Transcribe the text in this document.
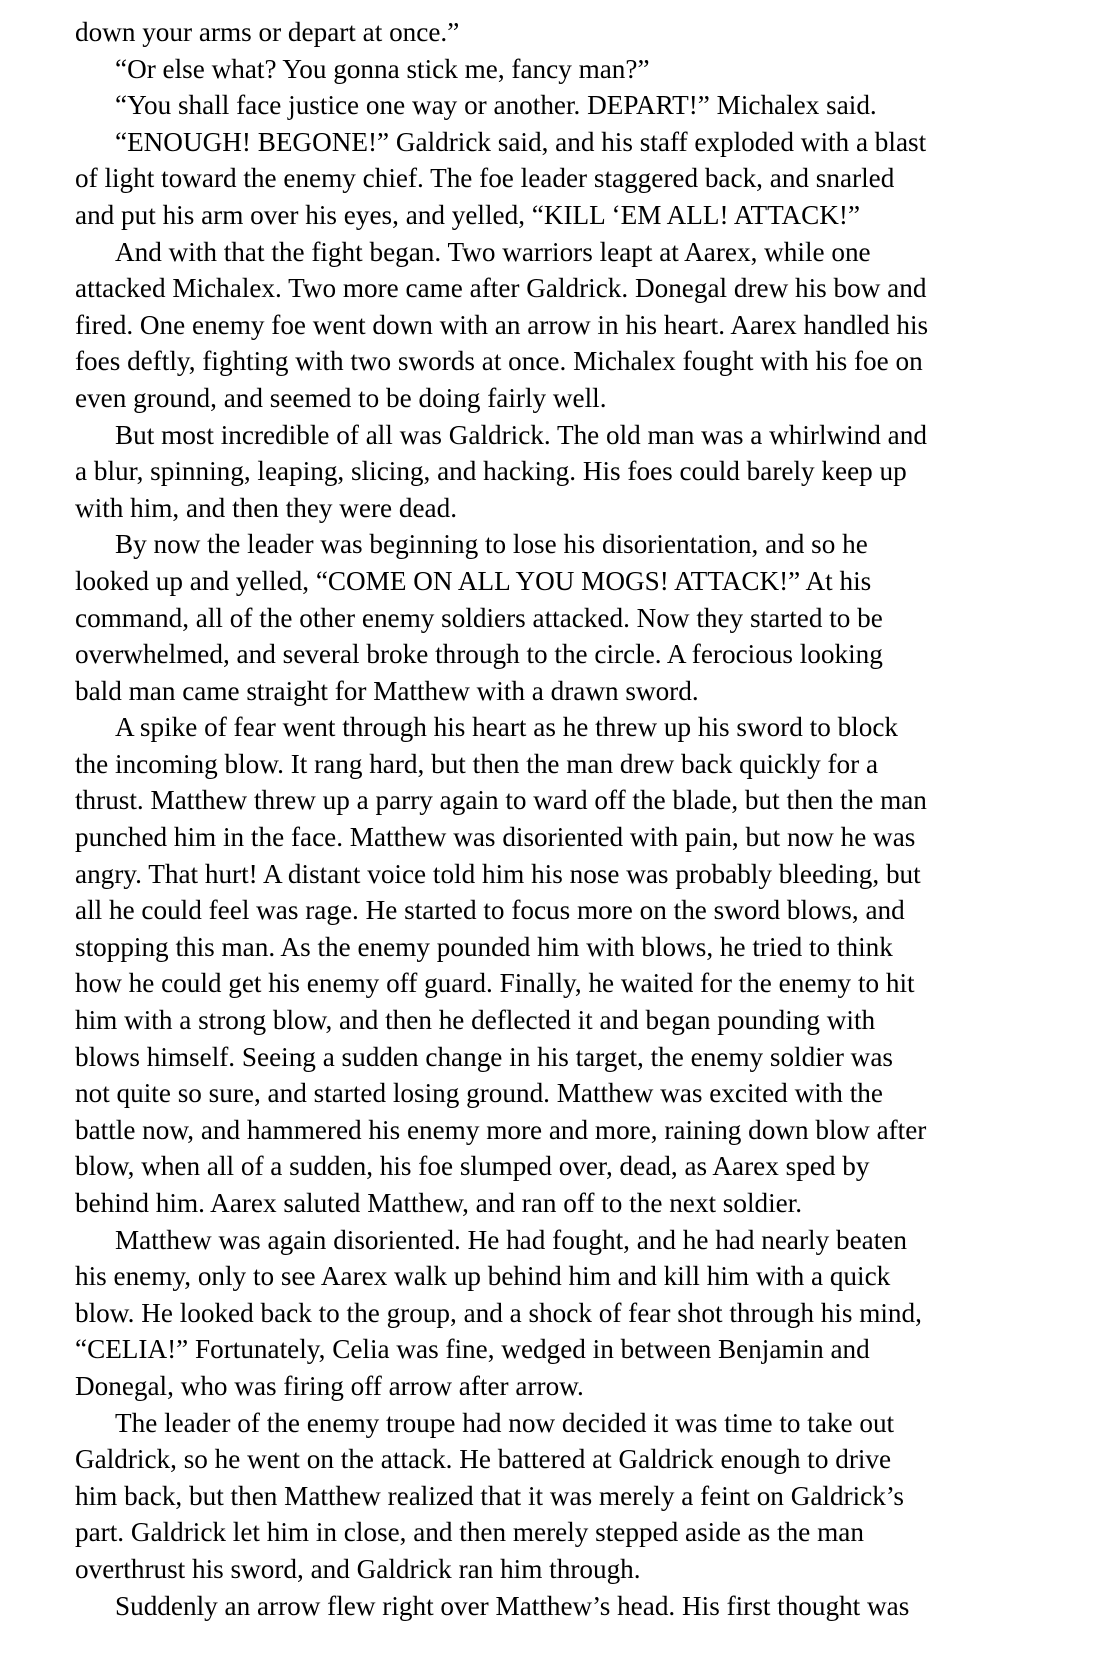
down your arms or depart at once.”
“Or else what? You gonna stick me, fancy man?”
“You shall face justice one way or another. DEPART!” Michalex said.
“ENOUGH! BEGONE!” Galdrick said, and his staff exploded with a blast
of light toward the enemy chief. The foe leader staggered back, and snarled
and put his arm over his eyes, and yelled, “KILL ‘EM ALL! ATTACK!”
And with that the fight began. Two warriors leapt at Aarex, while one
attacked Michalex. Two more came after Galdrick. Donegal drew his bow and
fired. One enemy foe went down with an arrow in his heart. Aarex handled his
foes deftly, fighting with two swords at once. Michalex fought with his foe on
even ground, and seemed to be doing fairly well.
But most incredible of all was Galdrick. The old man was a whirlwind and
a blur, spinning, leaping, slicing, and hacking. His foes could barely keep up
with him, and then they were dead.
By now the leader was beginning to lose his disorientation, and so he
looked up and yelled, “COME ON ALL YOU MOGS! ATTACK!” At his
command, all of the other enemy soldiers attacked. Now they started to be
overwhelmed, and several broke through to the circle. A ferocious looking
bald man came straight for Matthew with a drawn sword.
A spike of fear went through his heart as he threw up his sword to block
the incoming blow. It rang hard, but then the man drew back quickly for a
thrust. Matthew threw up a parry again to ward off the blade, but then the man
punched him in the face. Matthew was disoriented with pain, but now he was
angry. That hurt! A distant voice told him his nose was probably bleeding, but
all he could feel was rage. He started to focus more on the sword blows, and
stopping this man. As the enemy pounded him with blows, he tried to think
how he could get his enemy off guard. Finally, he waited for the enemy to hit
him with a strong blow, and then he deflected it and began pounding with
blows himself. Seeing a sudden change in his target, the enemy soldier was
not quite so sure, and started losing ground. Matthew was excited with the
battle now, and hammered his enemy more and more, raining down blow after
blow, when all of a sudden, his foe slumped over, dead, as Aarex sped by
behind him. Aarex saluted Matthew, and ran off to the next soldier.
Matthew was again disoriented. He had fought, and he had nearly beaten
his enemy, only to see Aarex walk up behind him and kill him with a quick
blow. He looked back to the group, and a shock of fear shot through his mind,
“CELIA!” Fortunately, Celia was fine, wedged in between Benjamin and
Donegal, who was firing off arrow after arrow.
The leader of the enemy troupe had now decided it was time to take out
Galdrick, so he went on the attack. He battered at Galdrick enough to drive
him back, but then Matthew realized that it was merely a feint on Galdrick’s
part. Galdrick let him in close, and then merely stepped aside as the man
overthrust his sword, and Galdrick ran him through.
Suddenly an arrow flew right over Matthew’s head. His first thought was
